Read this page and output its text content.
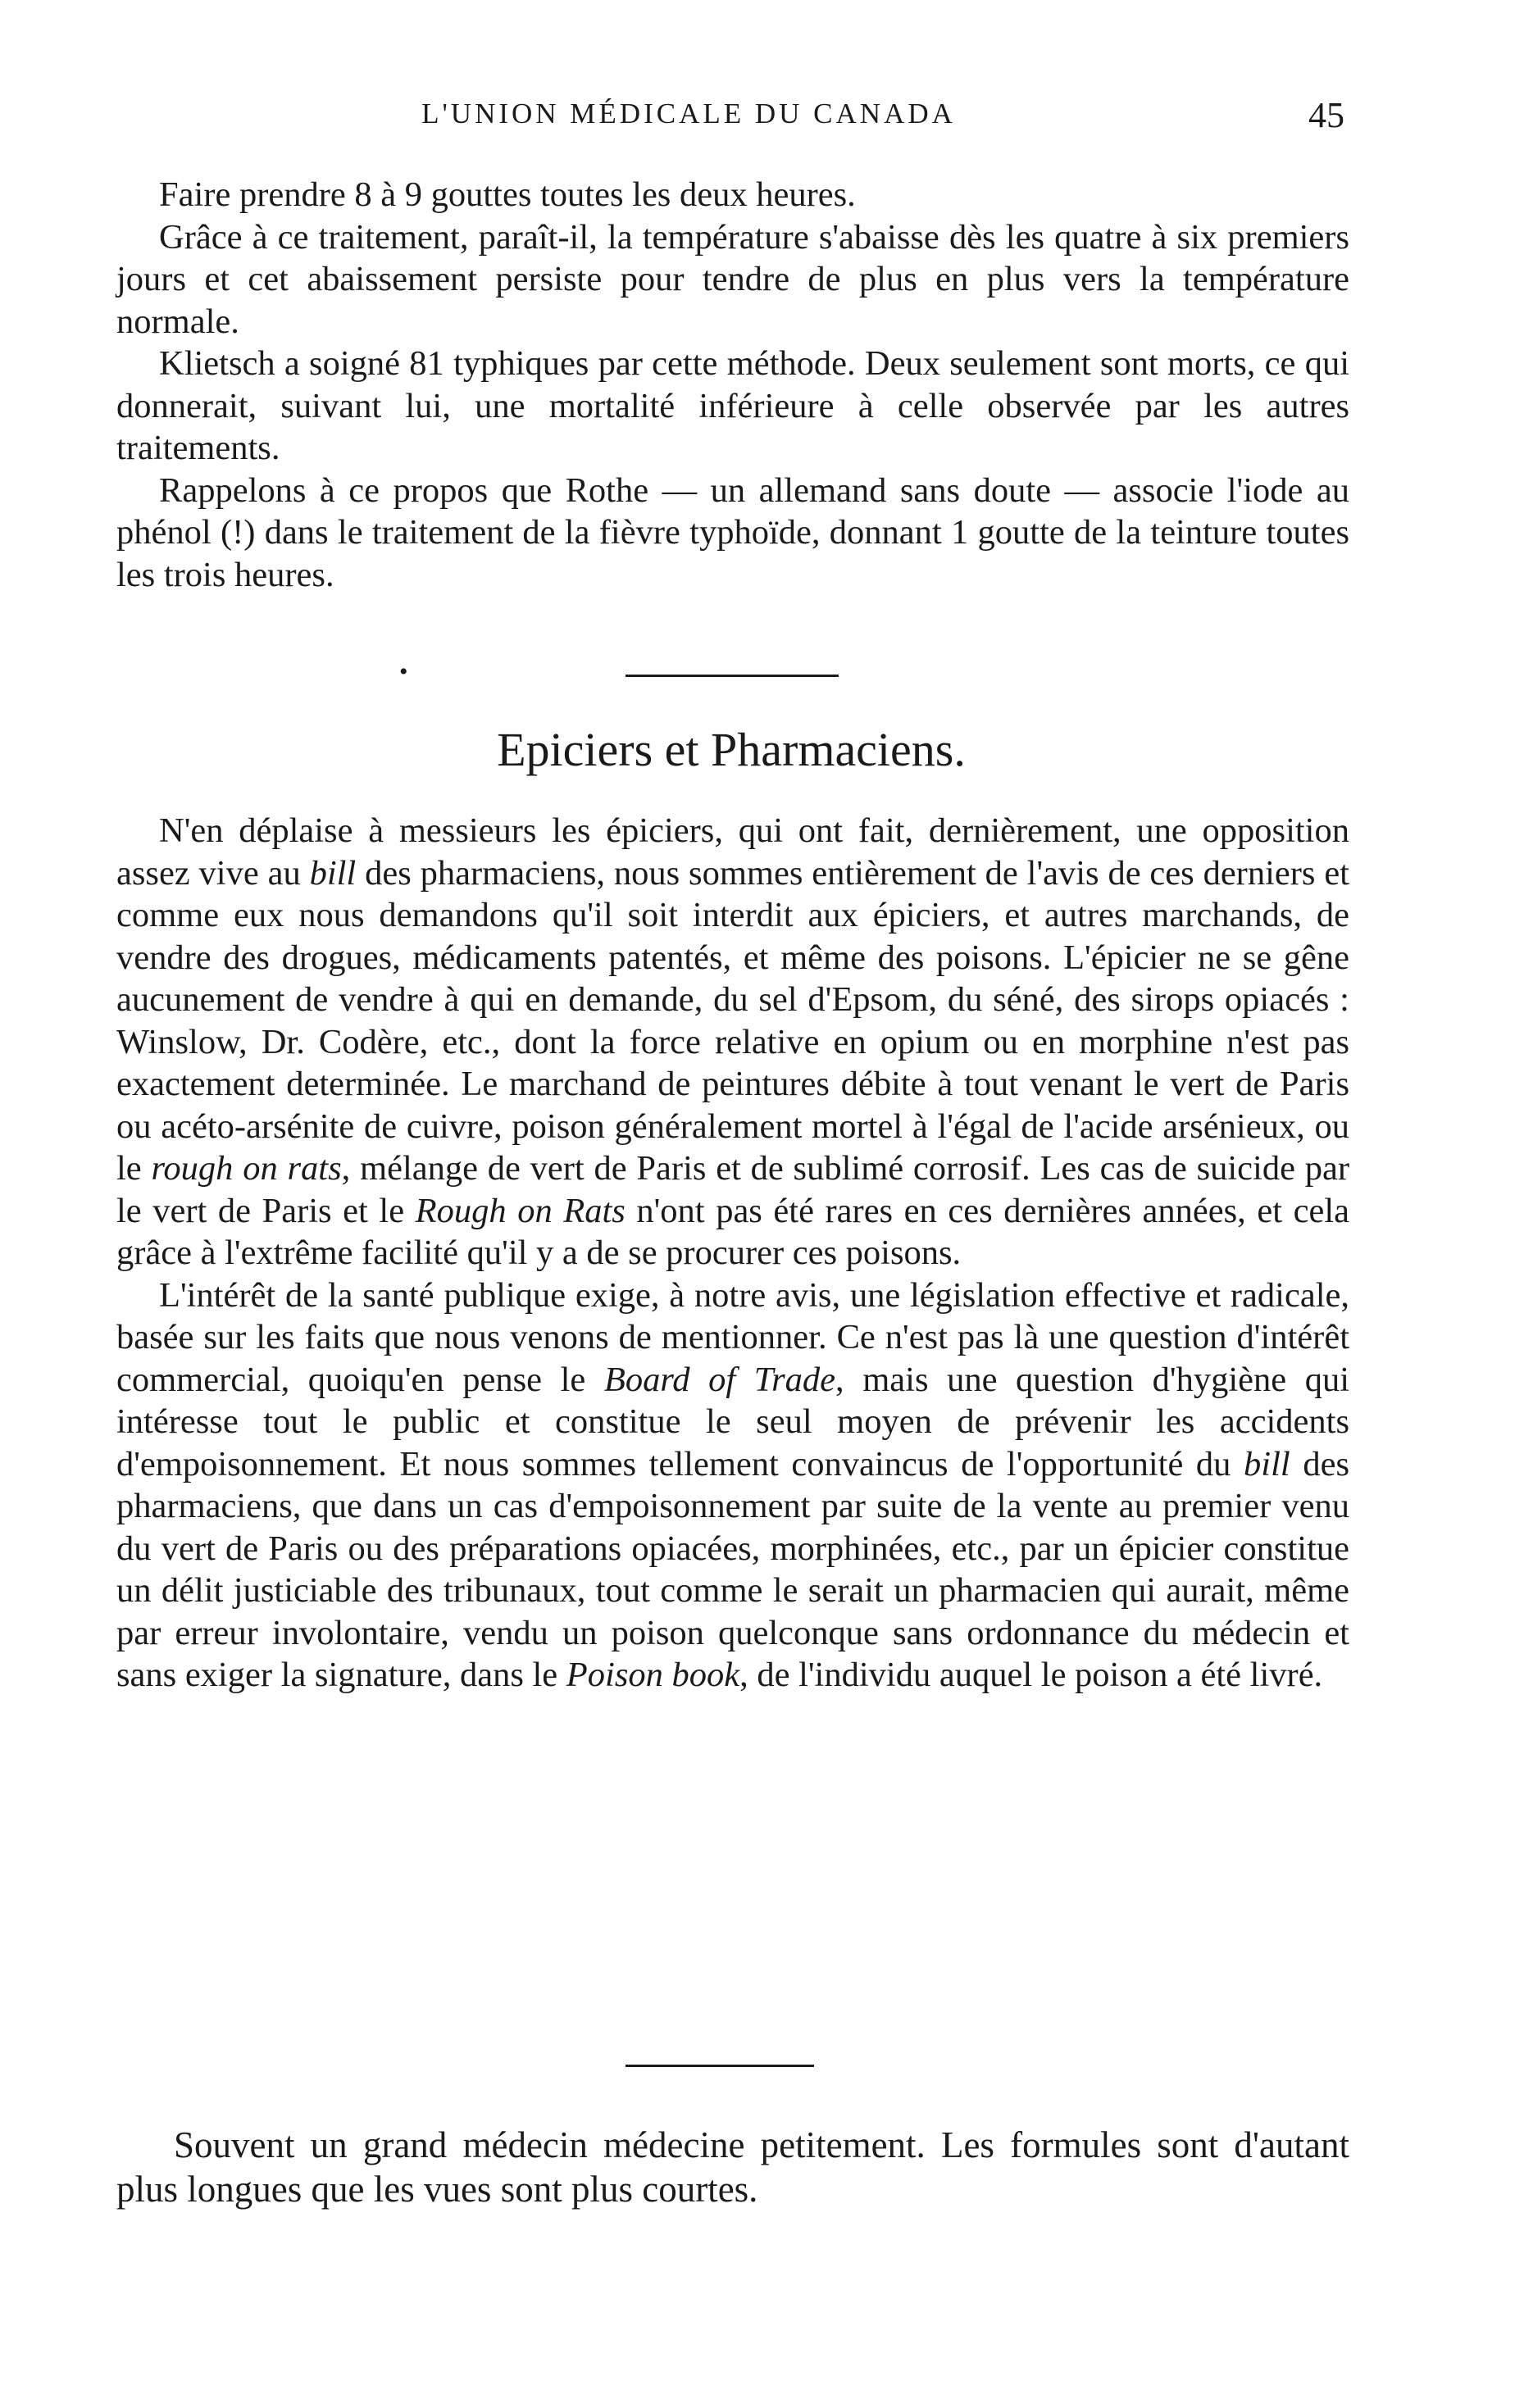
L'UNION MÉDICALE DU CANADA	45

Faire prendre 8 à 9 gouttes toutes les deux heures.

Grâce à ce traitement, paraît-il, la température s'abaisse dès les quatre à six premiers jours et cet abaissement persiste pour tendre de plus en plus vers la température normale.

Klietsch a soigné 81 typhiques par cette méthode. Deux seulement sont morts, ce qui donnerait, suivant lui, une mortalité inférieure à celle observée par les autres traitements.

Rappelons à ce propos que Rothe — un allemand sans doute — associe l'iode au phénol (!) dans le traitement de la fièvre typhoïde, donnant 1 goutte de la teinture toutes les trois heures.

•
Epiciers et Pharmaciens.

N'en déplaise à messieurs les épiciers, qui ont fait, dernièrement, une opposition assez vive au bill des pharmaciens, nous sommes entièrement de l'avis de ces derniers et comme eux nous demandons qu'il soit interdit aux épiciers, et autres marchands, de vendre des drogues, médicaments patentés, et même des poisons. L'épicier ne se gêne aucunement de vendre à qui en demande, du sel d'Epsom, du séné, des sirops opiacés : Winslow, Dr. Codère, etc., dont la force relative en opium ou en morphine n'est pas exactement determinée. Le marchand de peintures débite à tout venant le vert de Paris ou acéto-arsénite de cuivre, poison généralement mortel à l'égal de l'acide arsénieux, ou le rough on rats, mélange de vert de Paris et de sublimé corrosif. Les cas de suicide par le vert de Paris et le Rough on Rats n'ont pas été rares en ces dernières années, et cela grâce à l'extrême facilité qu'il y a de se procurer ces poisons.

L'intérêt de la santé publique exige, à notre avis, une législation effective et radicale, basée sur les faits que nous venons de mentionner. Ce n'est pas là une question d'intérêt commercial, quoiqu'en pense le Board of Trade, mais une question d'hygiène qui intéresse tout le public et constitue le seul moyen de prévenir les accidents d'empoisonnement. Et nous sommes tellement convaincus de l'opportunité du bill des pharmaciens, que dans un cas d'empoisonnement par suite de la vente au premier venu du vert de Paris ou des préparations opiacées, morphinées, etc., par un épicier constitue un délit justiciable des tribunaux, tout comme le serait un pharmacien qui aurait, même par erreur involontaire, vendu un poison quelconque sans ordonnance du médecin et sans exiger la signature, dans le Poison book, de l'individu auquel le poison a été livré.

Souvent un grand médecin médecine petitement. Les formules sont d'autant plus longues que les vues sont plus courtes.
